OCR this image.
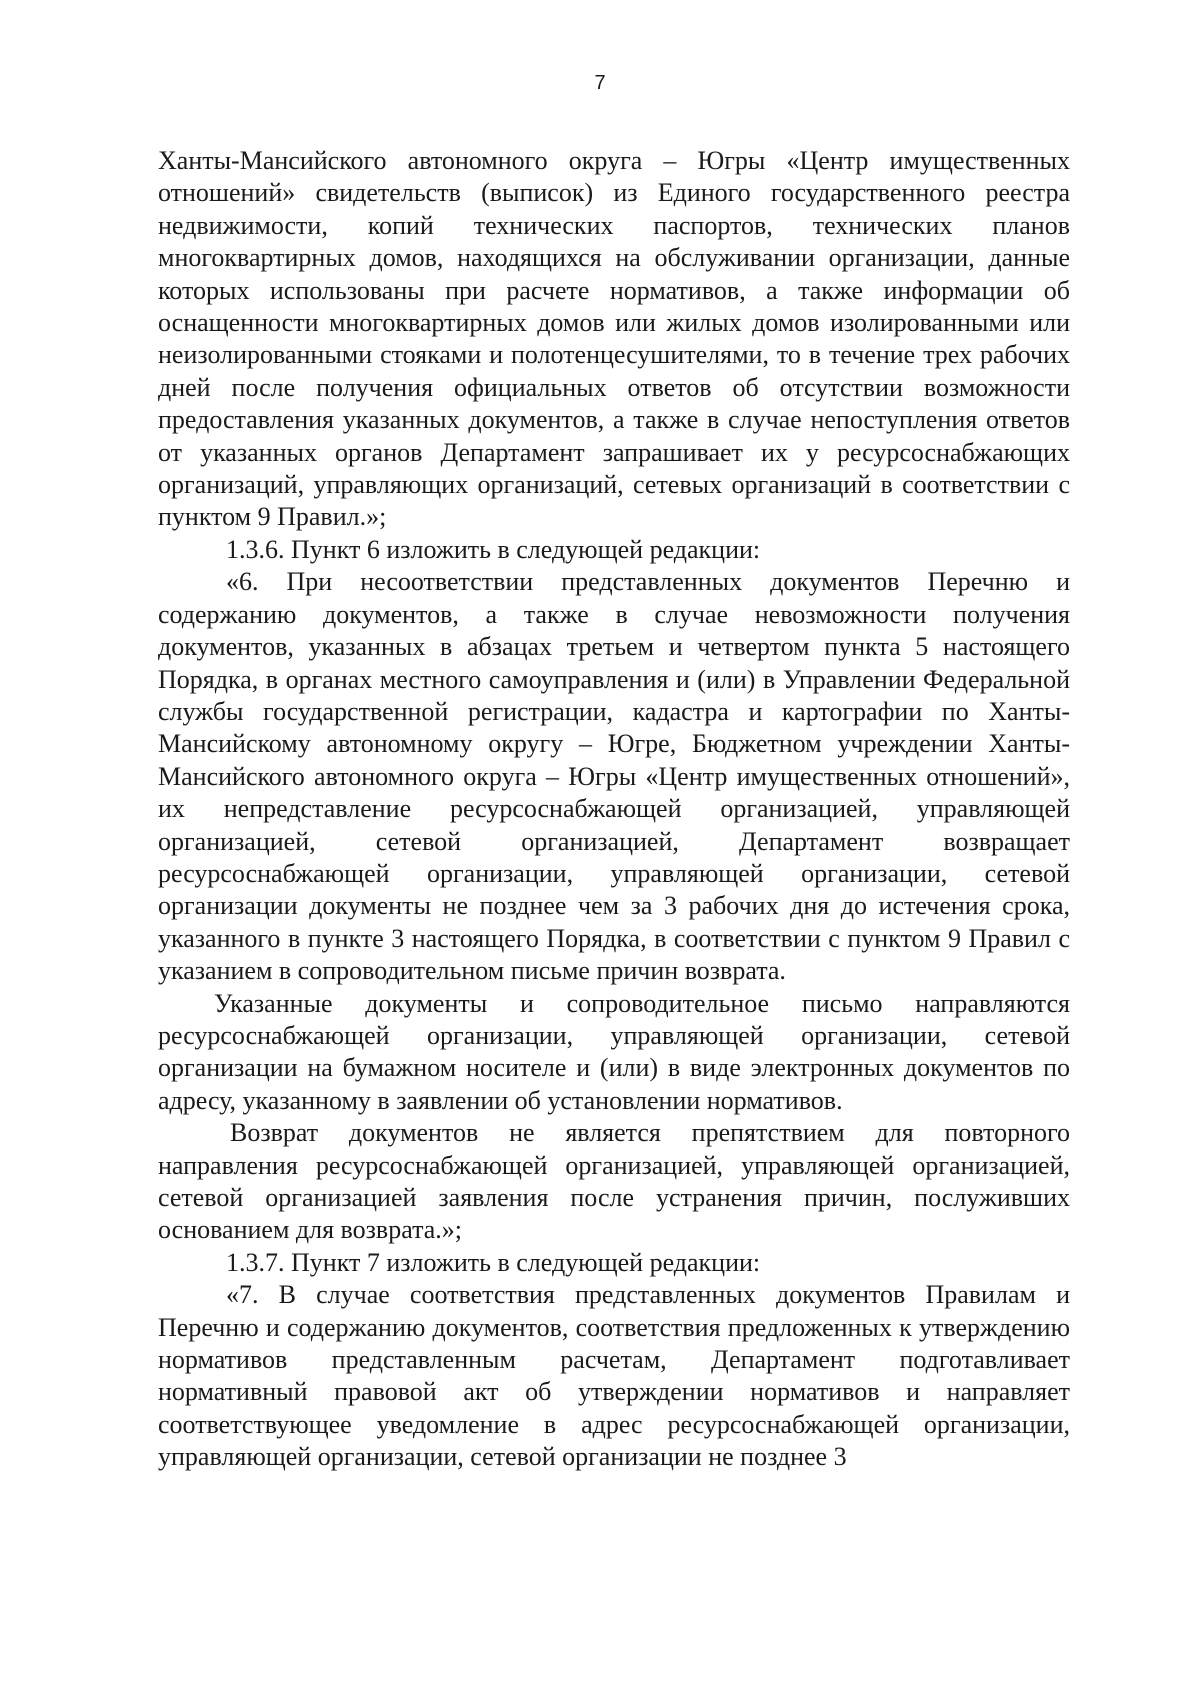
7

Ханты-Мансийского автономного округа – Югры «Центр имущественных отношений» свидетельств (выписок) из Единого государственного реестра недвижимости, копий технических паспортов, технических планов многоквартирных домов, находящихся на обслуживании организации, данные которых использованы при расчете нормативов, а также информации об оснащенности многоквартирных домов или жилых домов изолированными или неизолированными стояками и полотенцесушителями, то в течение трех рабочих дней после получения официальных ответов об отсутствии возможности предоставления указанных документов, а также в случае непоступления ответов от указанных органов Департамент запрашивает их у ресурсоснабжающих организаций, управляющих организаций, сетевых организаций в соответствии с пунктом 9 Правил.»;

1.3.6. Пункт 6 изложить в следующей редакции:

«6. При несоответствии представленных документов Перечню и содержанию документов, а также в случае невозможности получения документов, указанных в абзацах третьем и четвертом пункта 5 настоящего Порядка, в органах местного самоуправления и (или) в Управлении Федеральной службы государственной регистрации, кадастра и картографии по Ханты-Мансийскому автономному округу – Югре, Бюджетном учреждении Ханты-Мансийского автономного округа – Югры «Центр имущественных отношений», их непредставление ресурсоснабжающей организацией, управляющей организацией, сетевой организацией, Департамент возвращает ресурсоснабжающей организации, управляющей организации, сетевой организации документы не позднее чем за 3 рабочих дня до истечения срока, указанного в пункте 3 настоящего Порядка, в соответствии с пунктом 9 Правил с указанием в сопроводительном письме причин возврата.

Указанные документы и сопроводительное письмо направляются ресурсоснабжающей организации, управляющей организации, сетевой организации на бумажном носителе и (или) в виде электронных документов по адресу, указанному в заявлении об установлении нормативов.

Возврат документов не является препятствием для повторного направления ресурсоснабжающей организацией, управляющей организацией, сетевой организацией заявления после устранения причин, послуживших основанием для возврата.»;

1.3.7. Пункт 7 изложить в следующей редакции:

«7. В случае соответствия представленных документов Правилам и Перечню и содержанию документов, соответствия предложенных к утверждению нормативов представленным расчетам, Департамент подготавливает нормативный правовой акт об утверждении нормативов и направляет соответствующее уведомление в адрес ресурсоснабжающей организации, управляющей организации, сетевой организации не позднее 3
